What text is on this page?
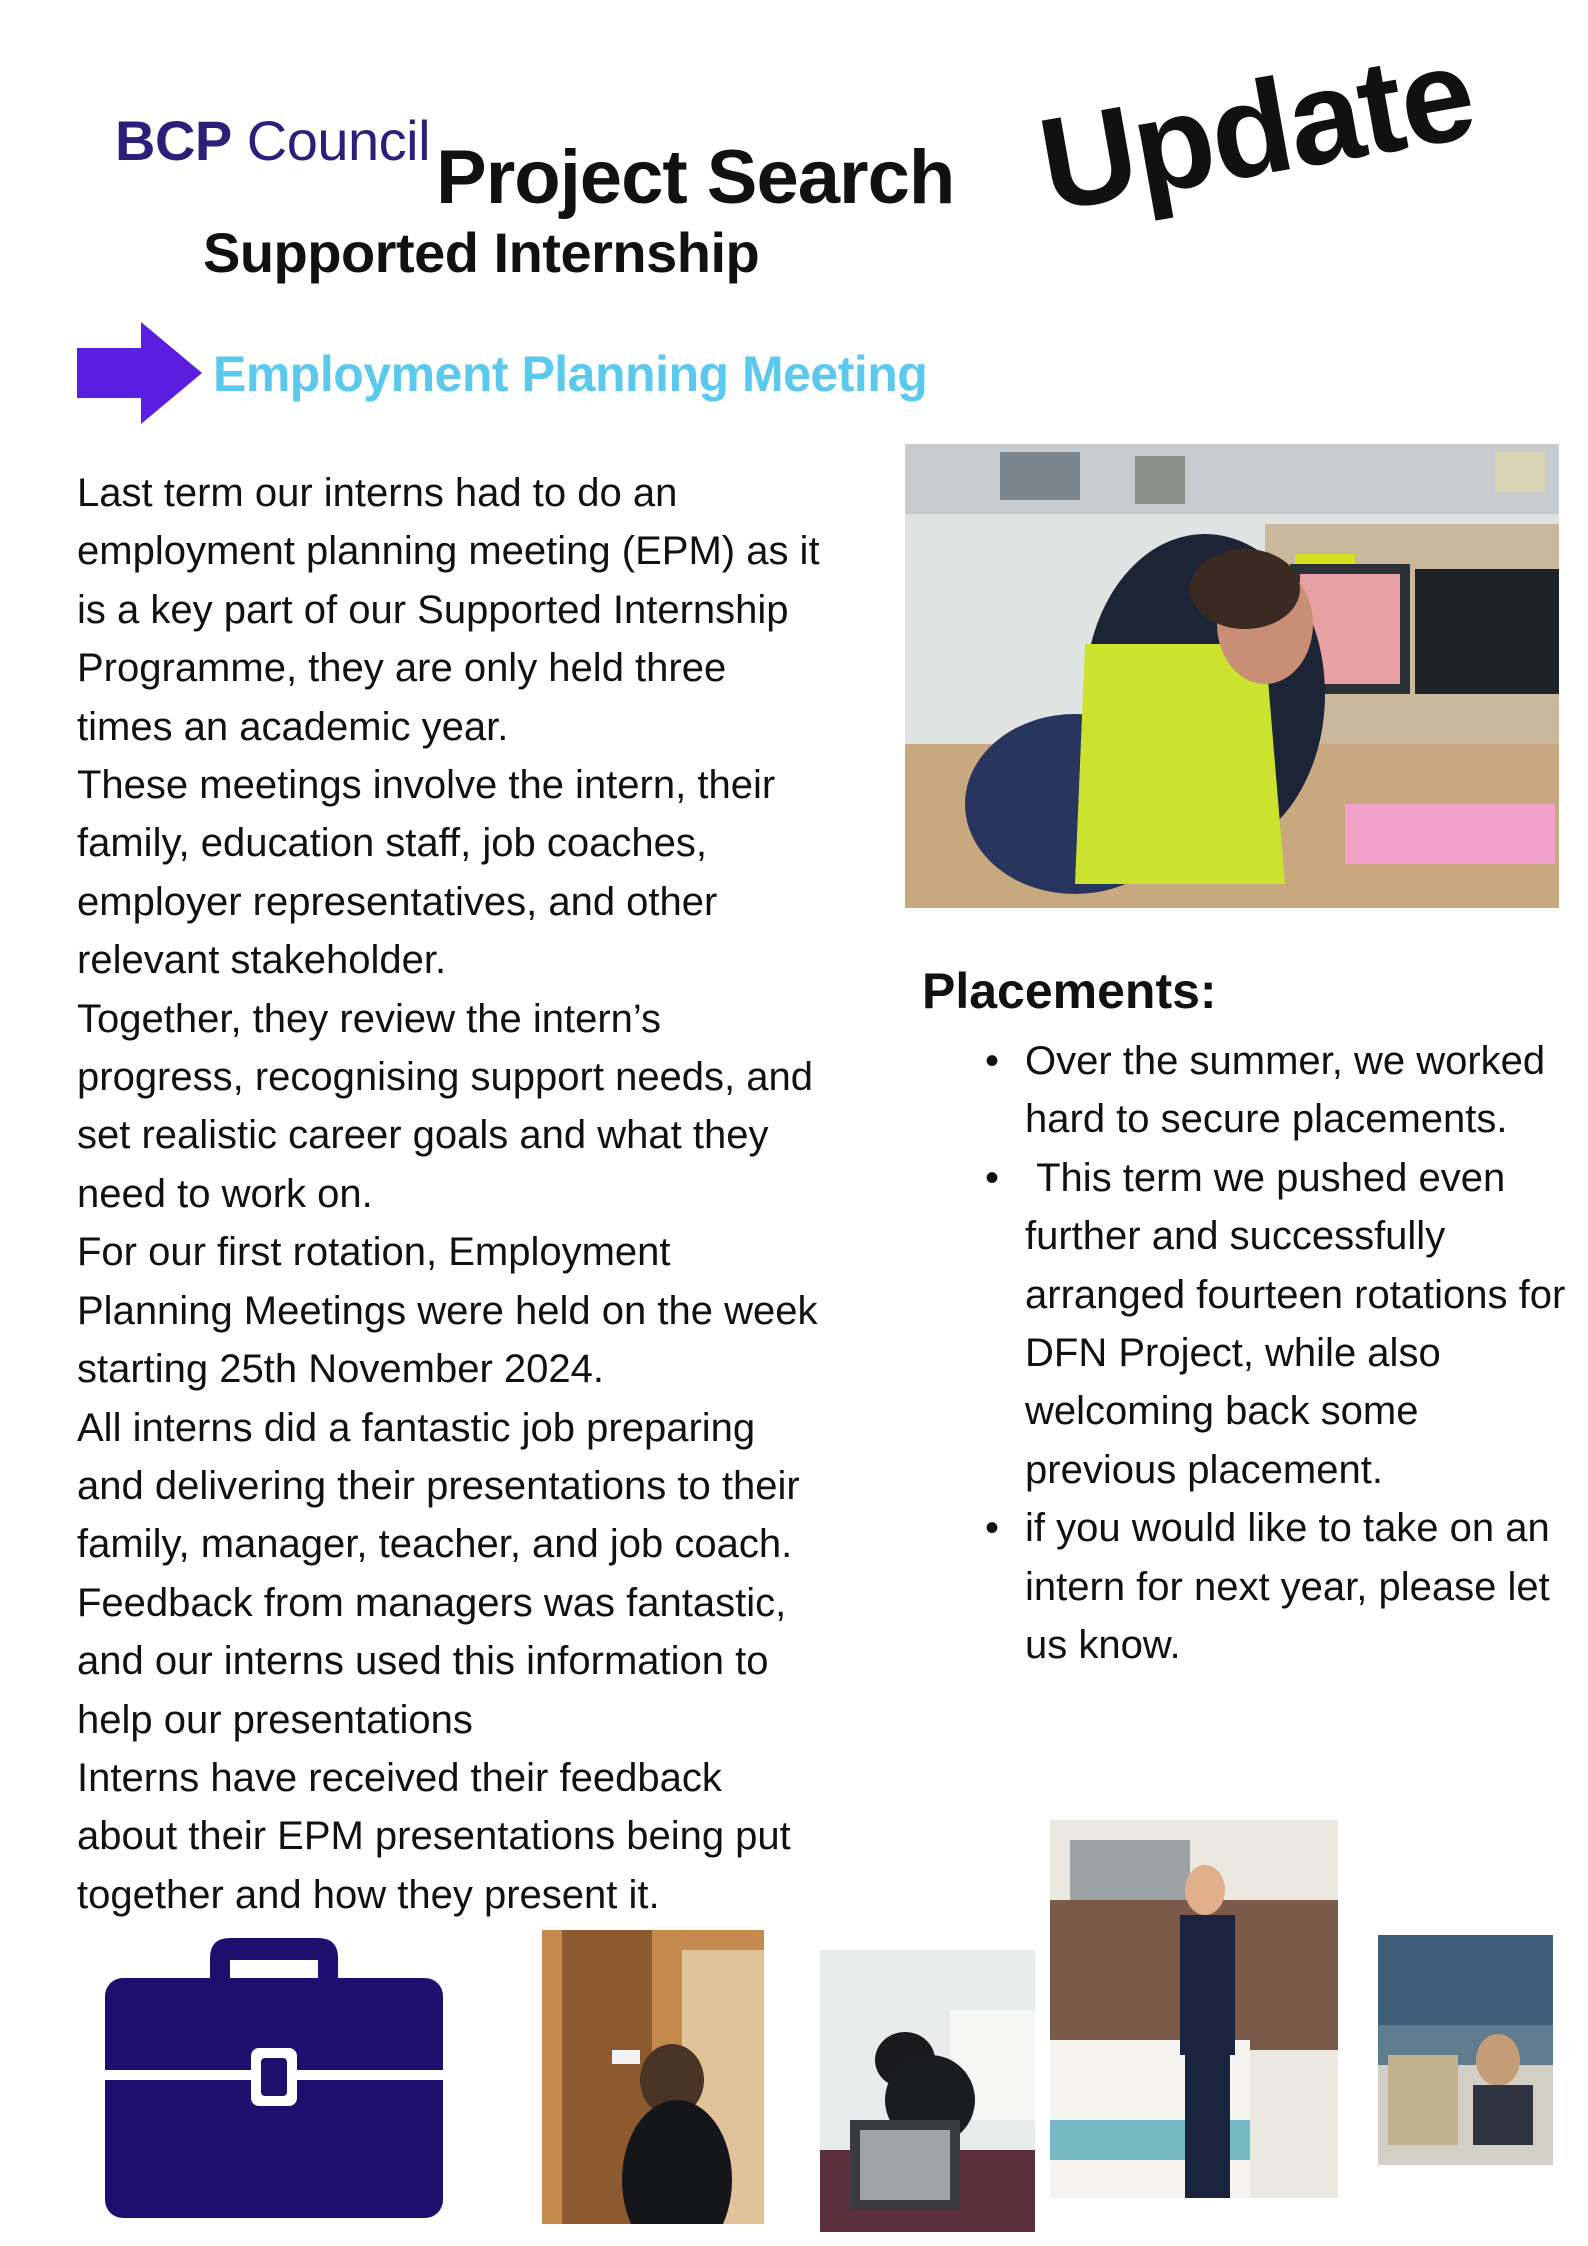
BCP Council Project Search
Supported Internship
Update
Employment Planning Meeting

Last term our interns had to do an

employment planning meeting (EPM) as it

is a key part of our Supported Internship

Programme, they are only held three

times an academic year.

These meetings involve the intern, their

family, education staff, job coaches,

employer representatives, and other

relevant stakeholder.

Together, they review the intern’s

progress, recognising support needs, and

set realistic career goals and what they

need to work on.

For our first rotation, Employment

Planning Meetings were held on the week

starting 25th November 2024.

All interns did a fantastic job preparing

and delivering their presentations to their

family, manager, teacher, and job coach.

Feedback from managers was fantastic,

and our interns used this information to

help our presentations

Interns have received their feedback

about their EPM presentations being put

together and how they present it.

Placements:
• Over the summer, we worked hard to secure placements.
•  This term we pushed even further and successfully arranged fourteen rotations for DFN Project, while also welcoming back some previous placement.
• if you would like to take on an intern for next year, please let us know.
